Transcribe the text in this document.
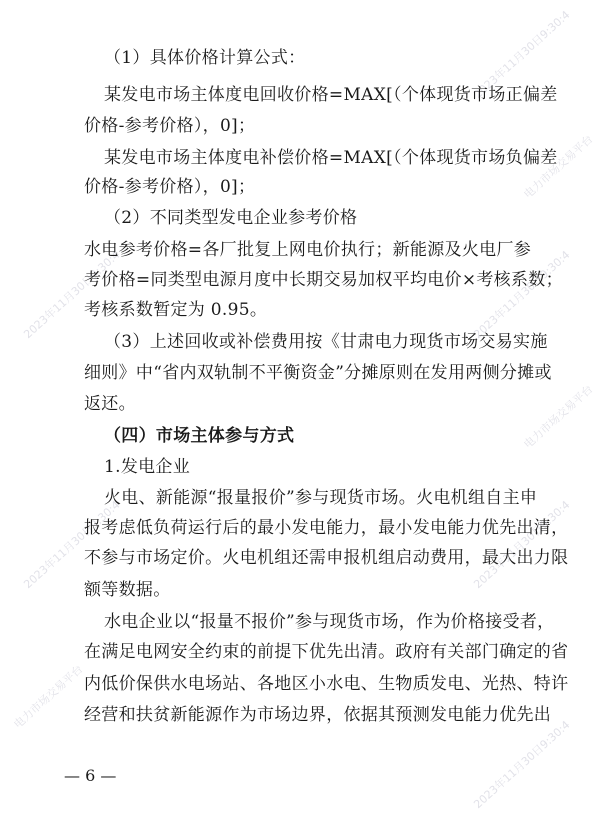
2023年11月30日9:30:4
电力市场交易平台
2023年11月30日9:30:4	2023年11月30日9:30:4
电力市场交易平台
2023年11月30日9:30:4	2023年11月30日9:30:4
电力市场交易平台
2023年11月30日9:30:4
（1）具体价格计算公式：
某发电市场主体度电回收价格=MAX[（个体现货市场正偏差
价格-参考价格），0]；
某发电市场主体度电补偿价格=MAX[（个体现货市场负偏差
价格-参考价格），0]；
（2）不同类型发电企业参考价格
水电参考价格=各厂批复上网电价执行；新能源及火电厂参
考价格=同类型电源月度中长期交易加权平均电价×考核系数；
考核系数暂定为 0.95。
（3）上述回收或补偿费用按《甘肃电力现货市场交易实施
细则》中“省内双轨制不平衡资金”分摊原则在发用两侧分摊或
返还。
（四）市场主体参与方式
1.发电企业
火电、新能源“报量报价”参与现货市场。火电机组自主申
报考虑低负荷运行后的最小发电能力，最小发电能力优先出清，
不参与市场定价。火电机组还需申报机组启动费用，最大出力限
额等数据。
水电企业以“报量不报价”参与现货市场，作为价格接受者，
在满足电网安全约束的前提下优先出清。政府有关部门确定的省
内低价保供水电场站、各地区小水电、生物质发电、光热、特许
经营和扶贫新能源作为市场边界，依据其预测发电能力优先出
— 6 —
